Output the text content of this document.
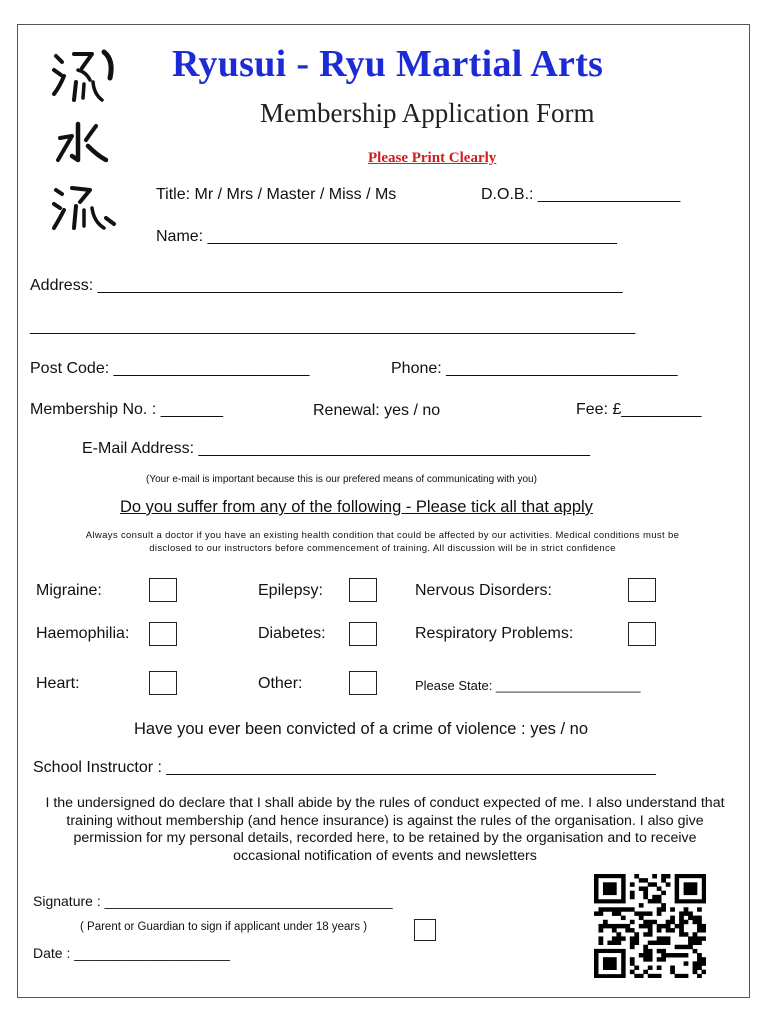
Ryusui - Ryu Martial Arts
Membership Application Form
Please Print Clearly
Title: Mr / Mrs / Master / Miss / Ms	D.O.B.: ________________
Name: ______________________________________________
Address: ___________________________________________________________
____________________________________________________________________
Post Code: ______________________	Phone: __________________________
Membership No. : _______	Renewal: yes / no	Fee: £_________
E-Mail Address: ____________________________________________
(Your e-mail is important because this is our prefered means of communicating with you)
Do you suffer from any of the following - Please tick all that apply
Always consult a doctor if you have an existing health condition that could be affected by our activities. Medical conditions must be
disclosed to our instructors before commencement of training. All discussion will be in strict confidence
Migraine:	Epilepsy:	Nervous Disorders:
Haemophilia:	Diabetes:	Respiratory Problems:
Heart:	Other:	Please State: ____________________
Have you ever been convicted of a crime of violence : yes / no
School Instructor : _______________________________________________________
I the undersigned do declare that I shall abide by the rules of conduct expected of me. I also understand that training without membership (and hence insurance) is against the rules of the organisation. I also give permission for my personal details, recorded here, to be retained by the organisation and to receive occasional notification of events and newsletters
Signature : _____________________________________
( Parent or Guardian to sign if applicant under 18 years )
Date : ____________________
